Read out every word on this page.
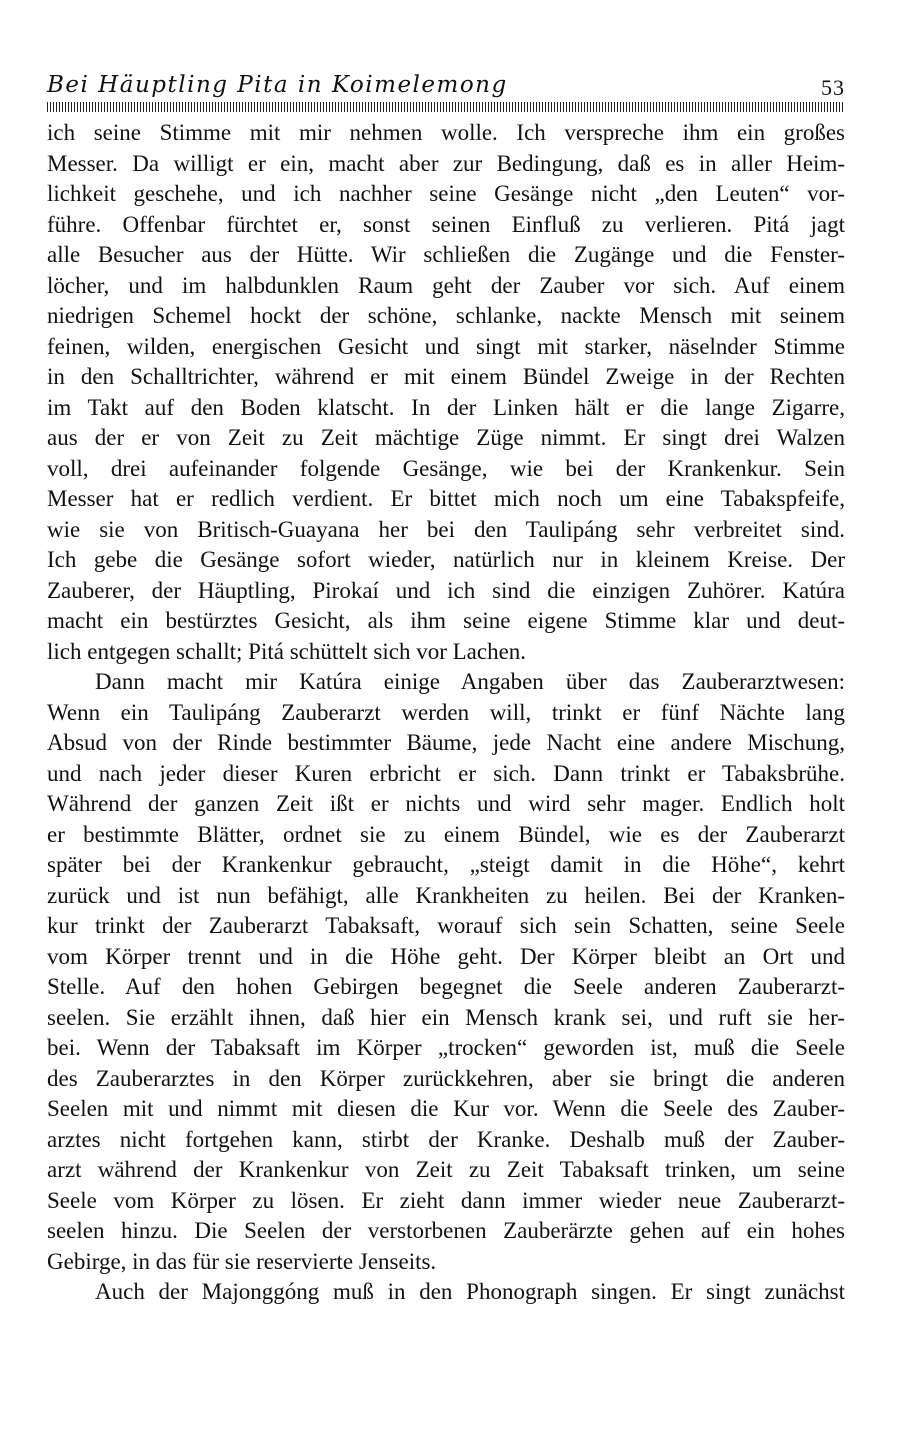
Bei Häuptling Pita in Koimelemong	53
ich seine Stimme mit mir nehmen wolle. Ich verspreche ihm ein großes
Messer. Da willigt er ein, macht aber zur Bedingung, daß es in aller Heim-
lichkeit geschehe, und ich nachher seine Gesänge nicht „den Leuten“ vor-
führe. Offenbar fürchtet er, sonst seinen Einfluß zu verlieren. Pitá jagt
alle Besucher aus der Hütte. Wir schließen die Zugänge und die Fenster-
löcher, und im halbdunklen Raum geht der Zauber vor sich. Auf einem
niedrigen Schemel hockt der schöne, schlanke, nackte Mensch mit seinem
feinen, wilden, energischen Gesicht und singt mit starker, näselnder Stimme
in den Schalltrichter, während er mit einem Bündel Zweige in der Rechten
im Takt auf den Boden klatscht. In der Linken hält er die lange Zigarre,
aus der er von Zeit zu Zeit mächtige Züge nimmt. Er singt drei Walzen
voll, drei aufeinander folgende Gesänge, wie bei der Krankenkur. Sein
Messer hat er redlich verdient. Er bittet mich noch um eine Tabakspfeife,
wie sie von Britisch-Guayana her bei den Taulipáng sehr verbreitet sind.
Ich gebe die Gesänge sofort wieder, natürlich nur in kleinem Kreise. Der
Zauberer, der Häuptling, Pirokaí und ich sind die einzigen Zuhörer. Katúra
macht ein bestürztes Gesicht, als ihm seine eigene Stimme klar und deut-
lich entgegen schallt; Pitá schüttelt sich vor Lachen.
Dann macht mir Katúra einige Angaben über das Zauberarztwesen:
Wenn ein Taulipáng Zauberarzt werden will, trinkt er fünf Nächte lang
Absud von der Rinde bestimmter Bäume, jede Nacht eine andere Mischung,
und nach jeder dieser Kuren erbricht er sich. Dann trinkt er Tabaksbrühe.
Während der ganzen Zeit ißt er nichts und wird sehr mager. Endlich holt
er bestimmte Blätter, ordnet sie zu einem Bündel, wie es der Zauberarzt
später bei der Krankenkur gebraucht, „steigt damit in die Höhe“, kehrt
zurück und ist nun befähigt, alle Krankheiten zu heilen. Bei der Kranken-
kur trinkt der Zauberarzt Tabaksaft, worauf sich sein Schatten, seine Seele
vom Körper trennt und in die Höhe geht. Der Körper bleibt an Ort und
Stelle. Auf den hohen Gebirgen begegnet die Seele anderen Zauberarzt-
seelen. Sie erzählt ihnen, daß hier ein Mensch krank sei, und ruft sie her-
bei. Wenn der Tabaksaft im Körper „trocken“ geworden ist, muß die Seele
des Zauberarztes in den Körper zurückkehren, aber sie bringt die anderen
Seelen mit und nimmt mit diesen die Kur vor. Wenn die Seele des Zauber-
arztes nicht fortgehen kann, stirbt der Kranke. Deshalb muß der Zauber-
arzt während der Krankenkur von Zeit zu Zeit Tabaksaft trinken, um seine
Seele vom Körper zu lösen. Er zieht dann immer wieder neue Zauberarzt-
seelen hinzu. Die Seelen der verstorbenen Zauberärzte gehen auf ein hohes
Gebirge, in das für sie reservierte Jenseits.
Auch der Majonggóng muß in den Phonograph singen. Er singt zunächst
